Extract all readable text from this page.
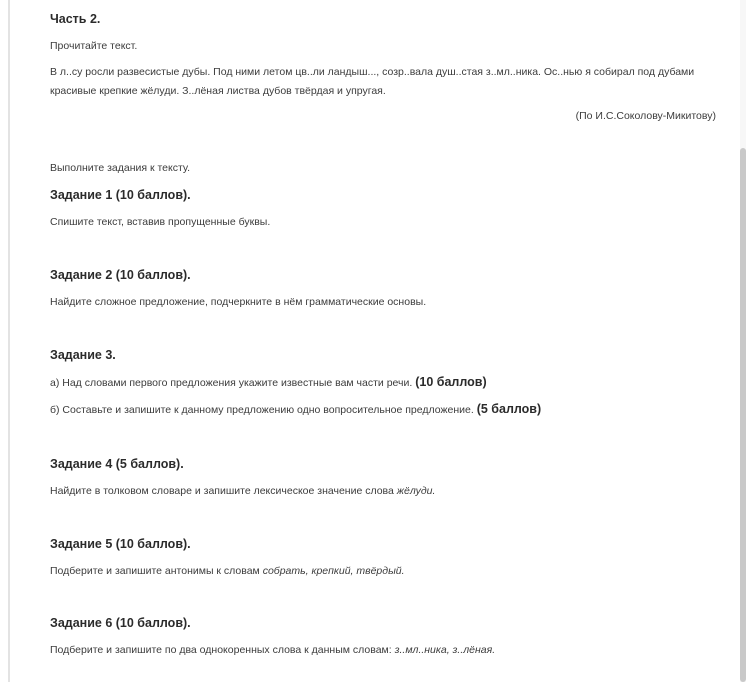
Часть 2.
Прочитайте текст.
В л..су росли развесистые дубы. Под ними летом цв..ли ландыш..., созр..вала душ..стая з..мл..ника. Ос..нью я собирал под дубами красивые крепкие жёлуди. З..лёная листва дубов твёрдая и упругая.
(По И.С.Соколову-Микитову)
Выполните задания к тексту.
Задание 1 (10 баллов).
Спишите текст, вставив пропущенные буквы.
Задание 2 (10 баллов).
Найдите сложное предложение, подчеркните в нём грамматические основы.
Задание 3.
а) Над словами первого предложения укажите известные вам части речи. (10 баллов)
б) Составьте и запишите к данному предложению одно вопросительное предложение. (5 баллов)
Задание 4 (5 баллов).
Найдите в толковом словаре и запишите лексическое значение слова жёлуди.
Задание 5 (10 баллов).
Подберите и запишите антонимы к словам собрать, крепкий, твёрдый.
Задание 6 (10 баллов).
Подберите и запишите по два однокоренных слова к данным словам: з..мл..ника, з..лёная.
